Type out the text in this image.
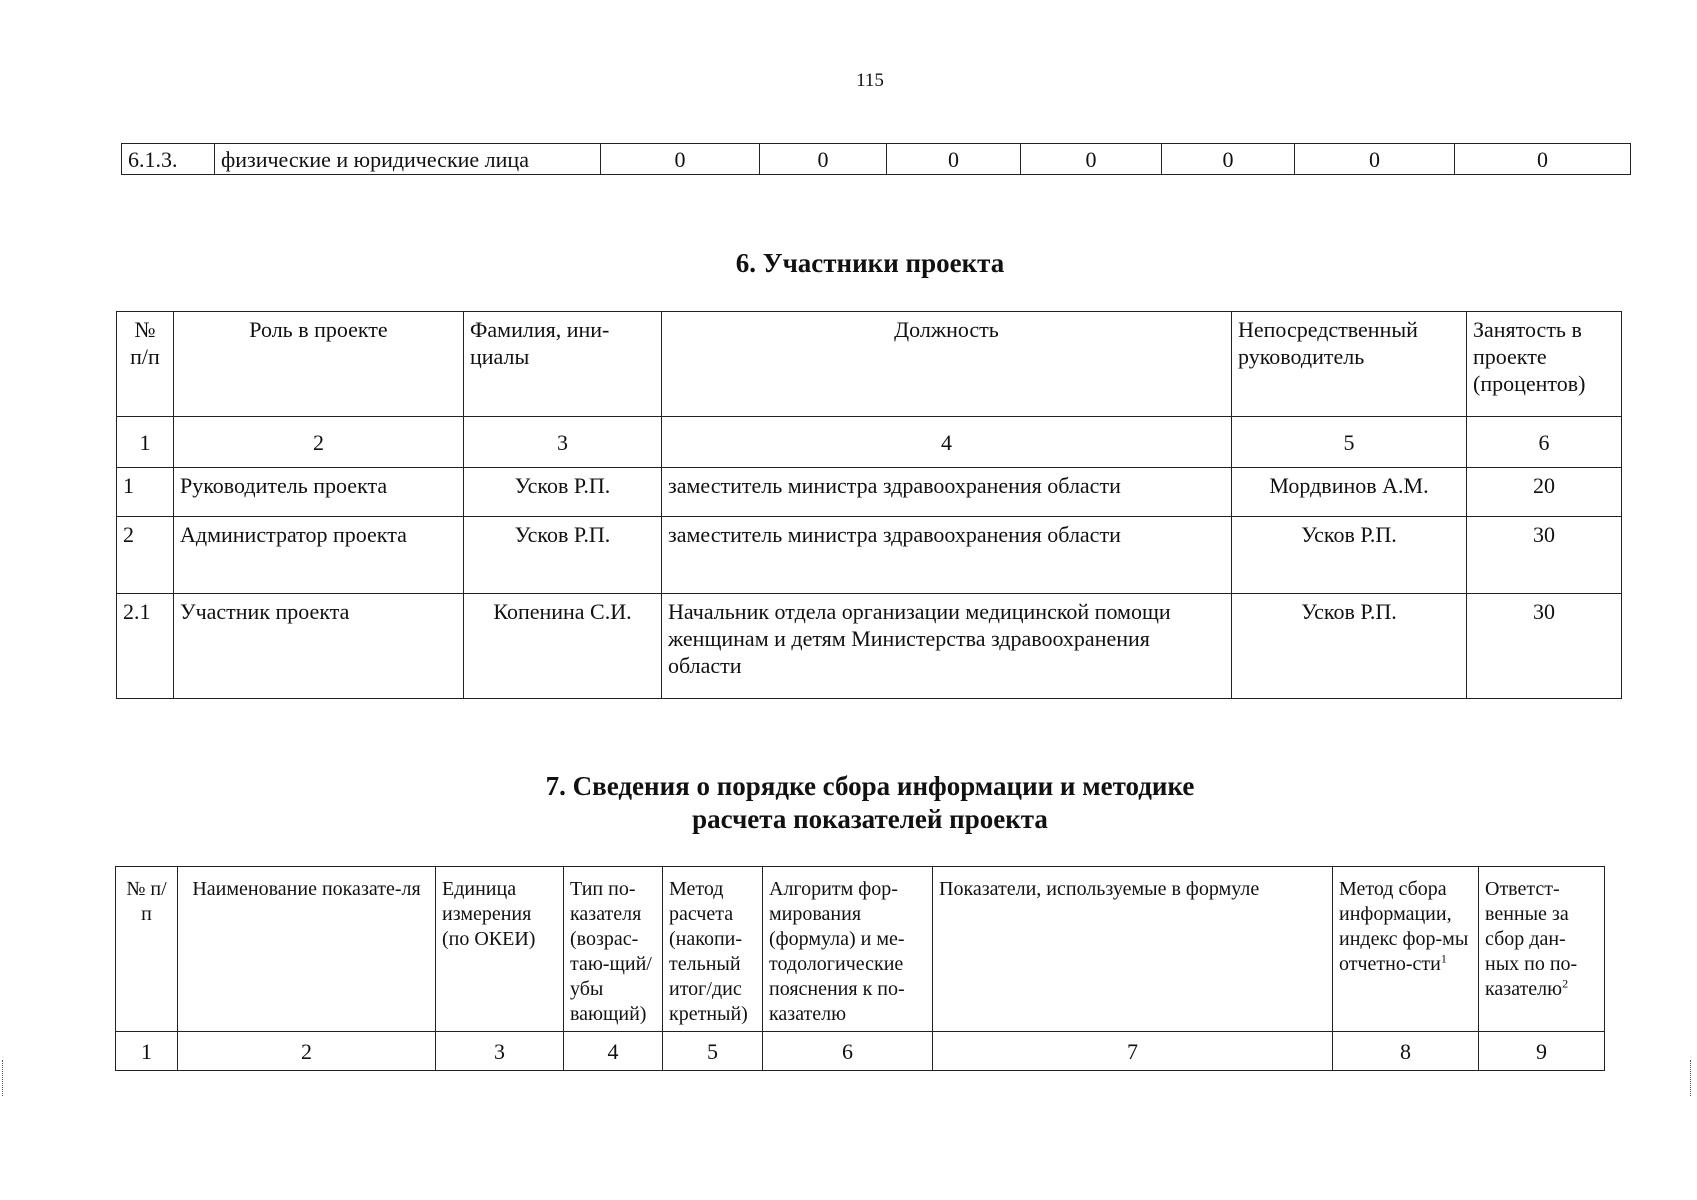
115
6.1.3.	физические и юридические лица	0	0	0	0	0	0	0
6. Участники проекта
№ п/п	Роль в проекте	Фамилия, ини-циалы	Должность	Непосредственный руководитель	Занятость в проекте (процентов)
1	2	3	4	5	6
1	Руководитель проекта	Усков Р.П.	заместитель министра здравоохранения области	Мордвинов А.М.	20
2	Администратор проекта	Усков Р.П.	заместитель министра здравоохранения области	Усков Р.П.	30
2.1	Участник проекта	Копенина С.И.	Начальник отдела организации медицинской помощи женщинам и детям Министерства здравоохранения области	Усков Р.П.	30
7. Сведения о порядке сбора информации и методике
расчета показателей проекта
№ п/п	Наименование показате-ля	Единица измерения (по ОКЕИ)	Тип по-казателя (возрас-таю-щий/убы вающий)	Метод расчета (накопи-тельный итог/дис кретный)	Алгоритм фор-мирования (формула) и ме-тодологические пояснения к по-казателю	Показатели, используемые в формуле	Метод сбора информации, индекс фор-мы отчетно-сти$^1$	Ответст-венные за сбор дан-ных по по-казателю$^2$
1	2	3	4	5	6	7	8	9
